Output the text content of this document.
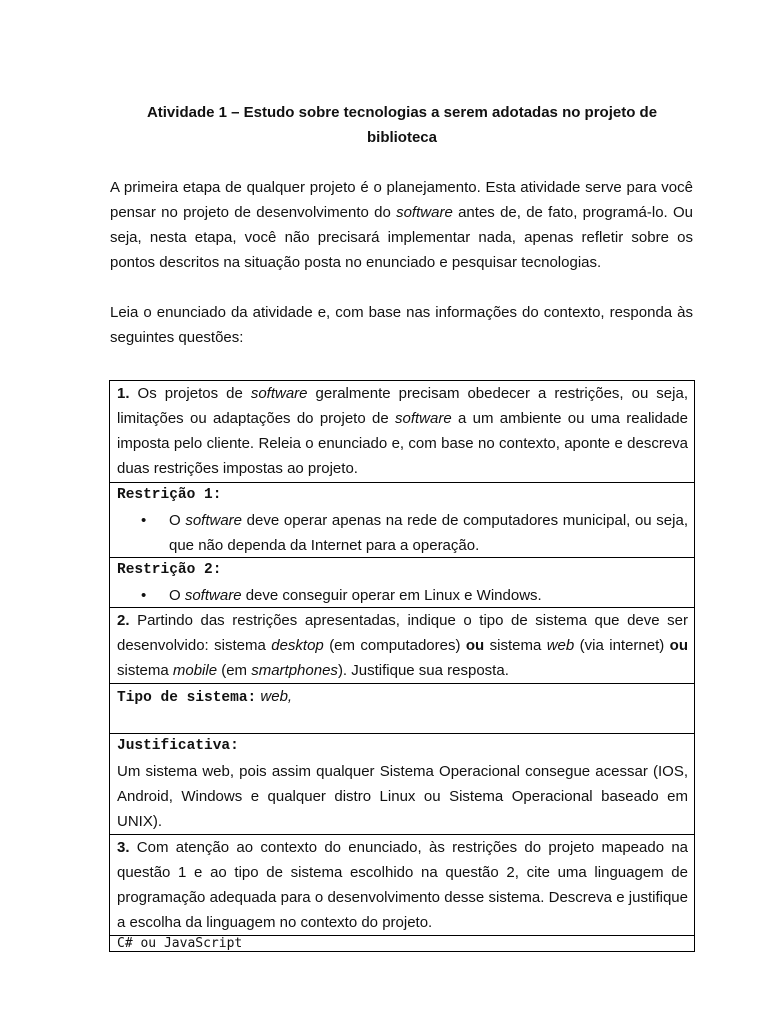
Atividade 1 – Estudo sobre tecnologias a serem adotadas no projeto de biblioteca

A primeira etapa de qualquer projeto é o planejamento. Esta atividade serve para você pensar no projeto de desenvolvimento do software antes de, de fato, programá-lo. Ou seja, nesta etapa, você não precisará implementar nada, apenas refletir sobre os pontos descritos na situação posta no enunciado e pesquisar tecnologias.

Leia o enunciado da atividade e, com base nas informações do contexto, responda às seguintes questões:

1. Os projetos de software geralmente precisam obedecer a restrições, ou seja, limitações ou adaptações do projeto de software a um ambiente ou uma realidade imposta pelo cliente. Releia o enunciado e, com base no contexto, aponte e descreva duas restrições impostas ao projeto.
Restrição 1:
•	O software deve operar apenas na rede de computadores municipal, ou seja, que não dependa da Internet para a operação.
Restrição 2:
•	O software deve conseguir operar em Linux e Windows.
2. Partindo das restrições apresentadas, indique o tipo de sistema que deve ser desenvolvido: sistema desktop (em computadores) ou sistema web (via internet) ou sistema mobile (em smartphones). Justifique sua resposta.
Tipo de sistema: web,
Justificativa:
Um sistema web, pois assim qualquer Sistema Operacional consegue acessar (IOS, Android, Windows e qualquer distro Linux ou Sistema Operacional baseado em UNIX).
3. Com atenção ao contexto do enunciado, às restrições do projeto mapeado na questão 1 e ao tipo de sistema escolhido na questão 2, cite uma linguagem de programação adequada para o desenvolvimento desse sistema. Descreva e justifique a escolha da linguagem no contexto do projeto.
C# ou JavaScript
